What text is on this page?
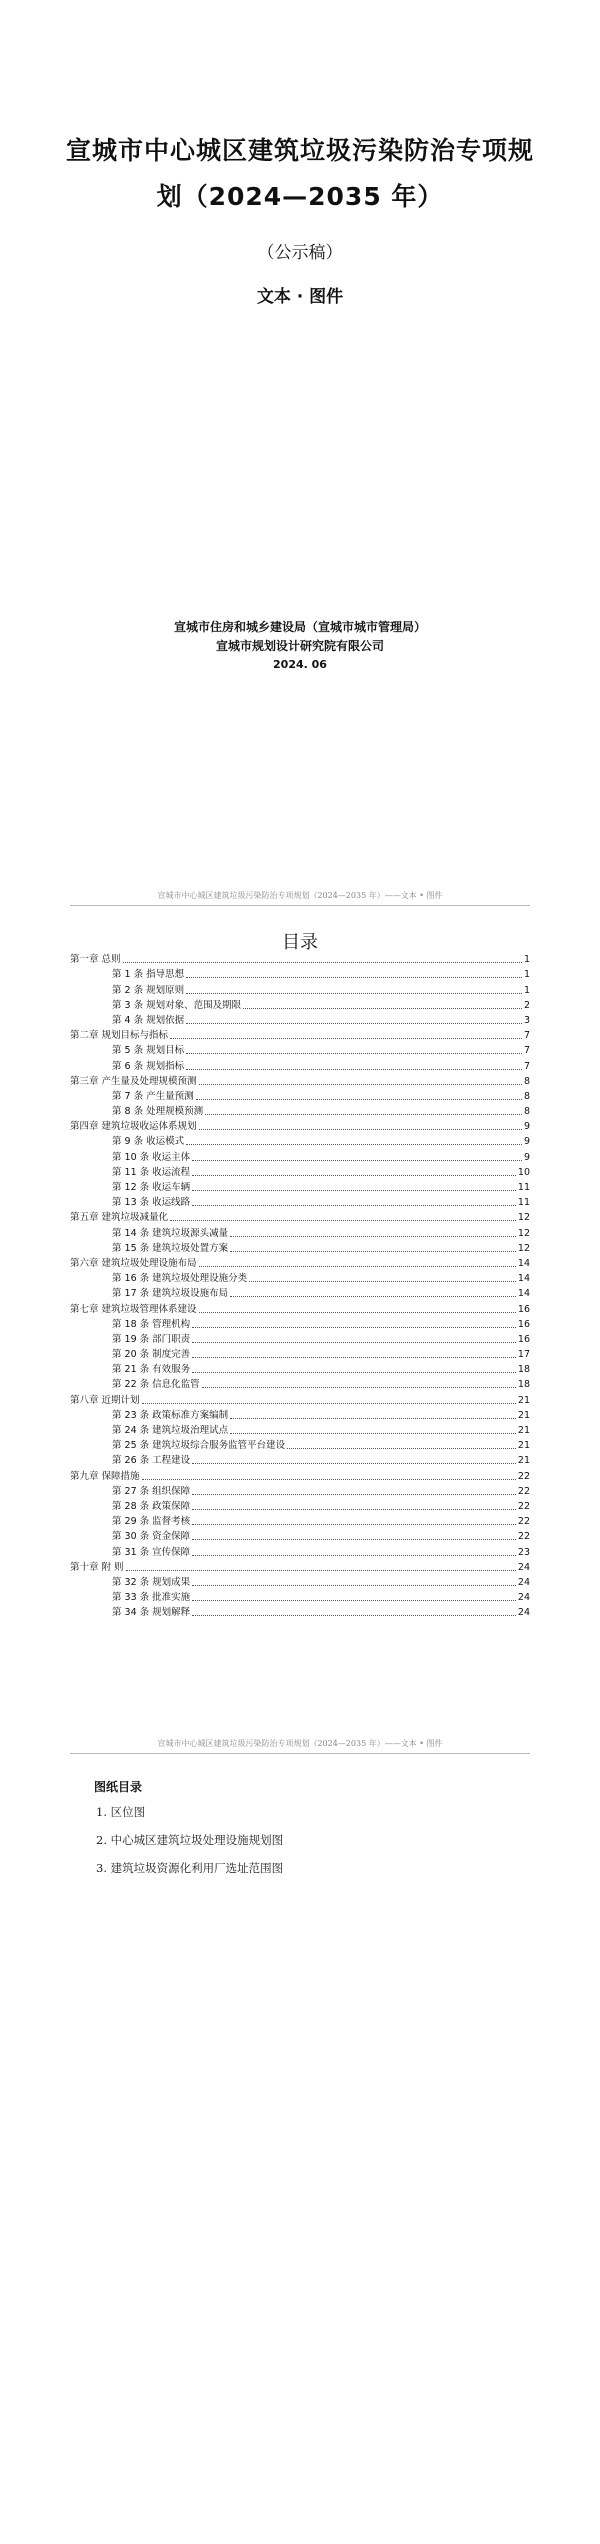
宣城市中心城区建筑垃圾污染防治专项规划（2024—2035 年）
（公示稿）
文本 · 图件
宣城市住房和城乡建设局（宣城市城市管理局）
宣城市规划设计研究院有限公司
2024. 06
宣城市中心城区建筑垃圾污染防治专项规划（2024—2035 年）——文本 • 图件
目录
第一章 总则	1
第 1 条 指导思想	1
第 2 条 规划原则	1
第 3 条 规划对象、范围及期限	2
第 4 条 规划依据	3
第二章 规划目标与指标	7
第 5 条 规划目标	7
第 6 条 规划指标	7
第三章 产生量及处理规模预测	8
第 7 条 产生量预测	8
第 8 条 处理规模预测	8
第四章 建筑垃圾收运体系规划	9
第 9 条 收运模式	9
第 10 条 收运主体	9
第 11 条 收运流程	10
第 12 条 收运车辆	11
第 13 条 收运线路	11
第五章 建筑垃圾减量化	12
第 14 条 建筑垃圾源头减量	12
第 15 条 建筑垃圾处置方案	12
第六章 建筑垃圾处理设施布局	14
第 16 条 建筑垃圾处理设施分类	14
第 17 条 建筑垃圾设施布局	14
第七章 建筑垃圾管理体系建设	16
第 18 条 管理机构	16
第 19 条 部门职责	16
第 20 条 制度完善	17
第 21 条 有效服务	18
第 22 条 信息化监管	18
第八章 近期计划	21
第 23 条 政策标准方案编制	21
第 24 条 建筑垃圾治理试点	21
第 25 条 建筑垃圾综合服务监管平台建设	21
第 26 条 工程建设	21
第九章 保障措施	22
第 27 条 组织保障	22
第 28 条 政策保障	22
第 29 条 监督考核	22
第 30 条 资金保障	22
第 31 条 宣传保障	23
第十章 附 则	24
第 32 条 规划成果	24
第 33 条 批准实施	24
第 34 条 规划解释	24
宣城市中心城区建筑垃圾污染防治专项规划（2024—2035 年）——文本 • 图件
图纸目录
1. 区位图
2. 中心城区建筑垃圾处理设施规划图
3. 建筑垃圾资源化利用厂选址范围图
